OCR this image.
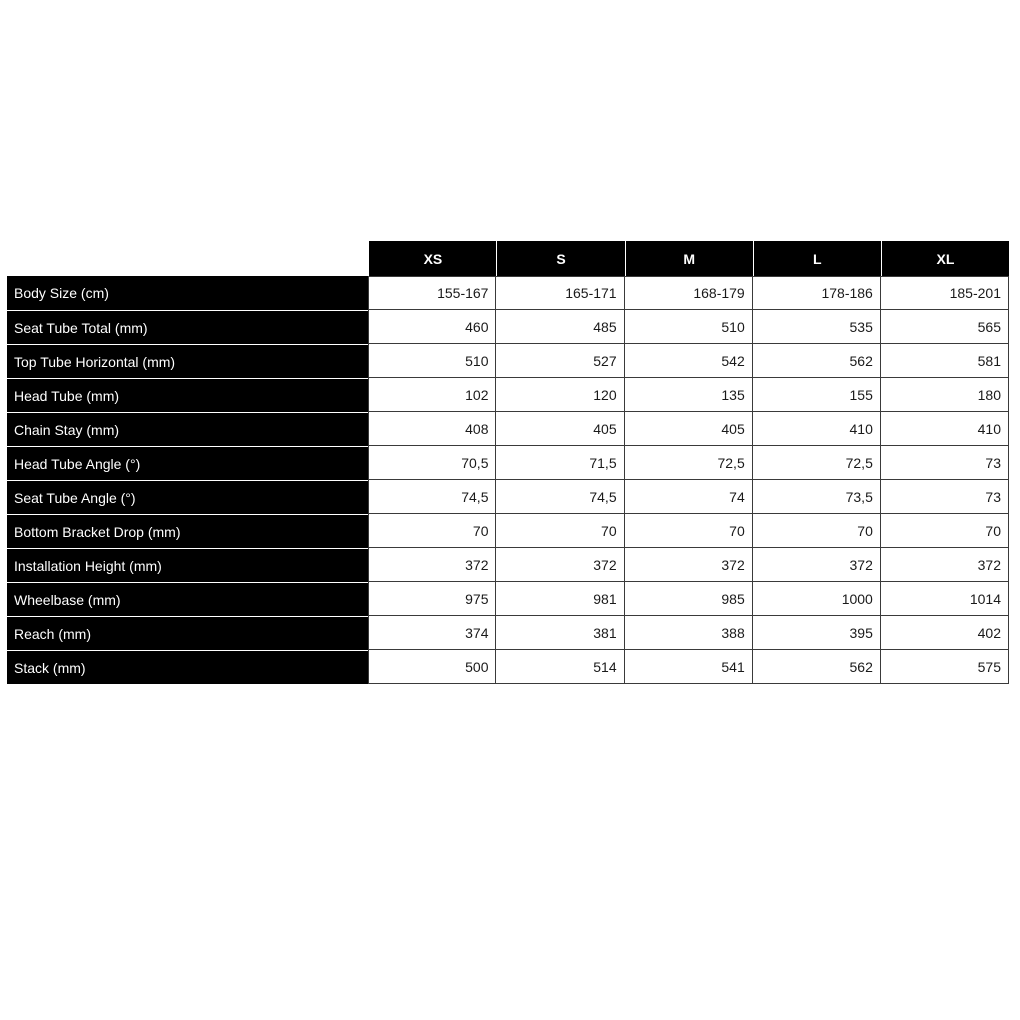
	XS	S	M	L	XL
Body Size (cm)	155-167	165-171	168-179	178-186	185-201
Seat Tube Total (mm)	460	485	510	535	565
Top Tube Horizontal (mm)	510	527	542	562	581
Head Tube (mm)	102	120	135	155	180
Chain Stay (mm)	408	405	405	410	410
Head Tube Angle (°)	70,5	71,5	72,5	72,5	73
Seat Tube Angle (°)	74,5	74,5	74	73,5	73
Bottom Bracket Drop (mm)	70	70	70	70	70
Installation Height (mm)	372	372	372	372	372
Wheelbase (mm)	975	981	985	1000	1014
Reach (mm)	374	381	388	395	402
Stack (mm)	500	514	541	562	575
